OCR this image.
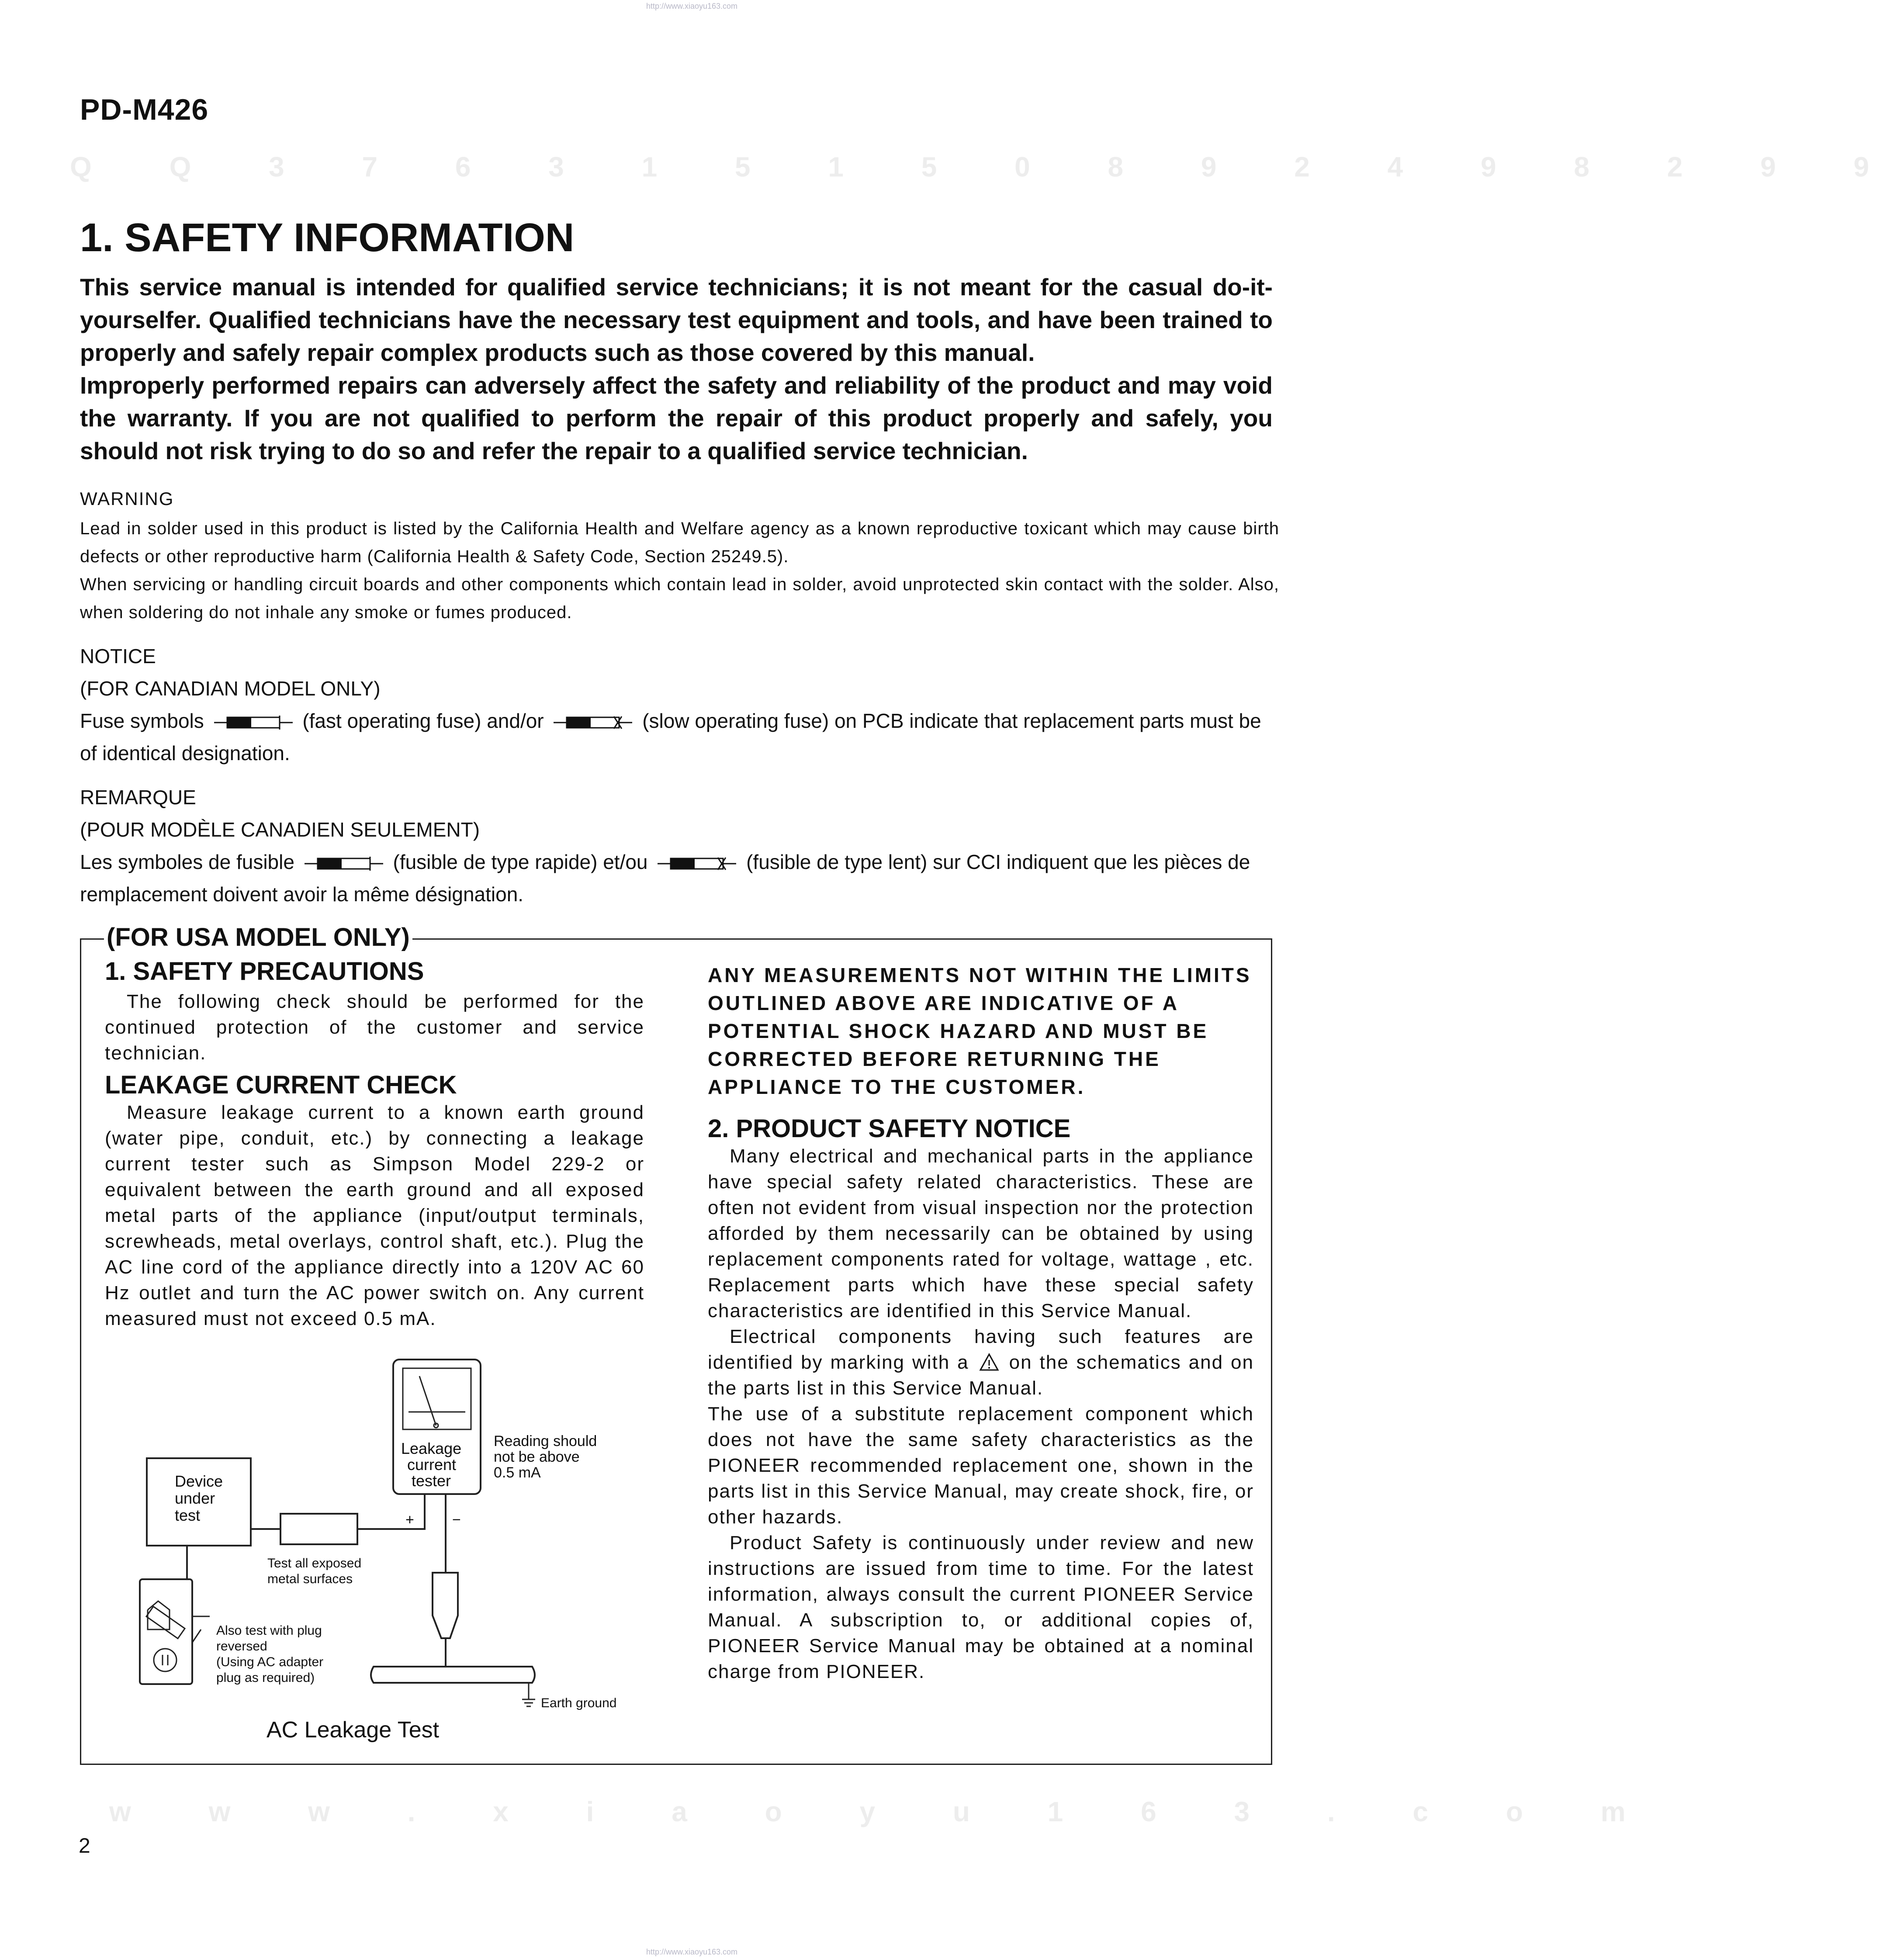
http://www.xiaoyu163.com
PD-M426
Q Q 3 7 6 3 1 5 1 5 0 8 9 2 4 9 8 2 9 9
1. SAFETY INFORMATION

This service manual is intended for qualified service technicians; it is not meant for the casual do-it-yourselfer. Qualified technicians have the necessary test equipment and tools, and have been trained to properly and safely repair complex products such as those covered by this manual.

Improperly performed repairs can adversely affect the safety and reliability of the product and may void the warranty. If you are not qualified to perform the repair of this product properly and safely, you should not risk trying to do so and refer the repair to a qualified service technician.

WARNING

Lead in solder used in this product is listed by the California Health and Welfare agency as a known reproductive toxicant which may cause birth defects or other reproductive harm (California Health & Safety Code, Section 25249.5).

When servicing or handling circuit boards and other components which contain lead in solder, avoid unprotected skin contact with the solder. Also, when soldering do not inhale any smoke or fumes produced.

NOTICE

(FOR CANADIAN MODEL ONLY)

Fuse symbols	(fast operating fuse) and/or	(slow operating fuse) on PCB indicate that replacement parts must be of identical designation.

REMARQUE

(POUR MODÈLE CANADIEN SEULEMENT)

Les symboles de fusible	(fusible de type rapide) et/ou	(fusible de type lent) sur CCI indiquent que les pièces de remplacement doivent avoir la même désignation.

(FOR USA MODEL ONLY)
1. SAFETY PRECAUTIONS

The following check should be performed for the continued protection of the customer and service technician.

LEAKAGE CURRENT CHECK

Measure leakage current to a known earth ground (water pipe, conduit, etc.) by connecting a leakage current tester such as Simpson Model 229-2 or equivalent between the earth ground and all exposed metal parts of the appliance (input/output terminals, screwheads, metal overlays, control shaft, etc.). Plug the AC line cord of the appliance directly into a 120V AC 60 Hz outlet and turn the AC power switch on. Any current measured must not exceed 0.5 mA.

Device
under
test
Leakage
current
tester
Reading should
not be above
0.5 mA
+	−
Test all exposed
metal surfaces
Also test with plug
reversed
(Using AC adapter
plug as required)
Earth ground
AC Leakage Test
ANY MEASUREMENTS NOT WITHIN THE LIMITS OUTLINED ABOVE ARE INDICATIVE OF A POTENTIAL SHOCK HAZARD AND MUST BE CORRECTED BEFORE RETURNING THE APPLIANCE TO THE CUSTOMER.
2. PRODUCT SAFETY NOTICE

Many electrical and mechanical parts in the appliance have special safety related characteristics. These are often not evident from visual inspection nor the protection afforded by them necessarily can be obtained by using replacement components rated for voltage, wattage , etc. Replacement parts which have these special safety characteristics are identified in this Service Manual.

Electrical components having such features are identified by marking with a on the schematics and on the parts list in this Service Manual.

The use of a substitute replacement component which does not have the same safety characteristics as the PIONEER recommended replacement one, shown in the parts list in this Service Manual, may create shock, fire, or other hazards.

Product Safety is continuously under review and new instructions are issued from time to time. For the latest information, always consult the current PIONEER Service Manual. A subscription to, or additional copies of, PIONEER Service Manual may be obtained at a nominal charge from PIONEER.

w w w . x i a o y u 1 6 3 . c o m
2
http://www.xiaoyu163.com
